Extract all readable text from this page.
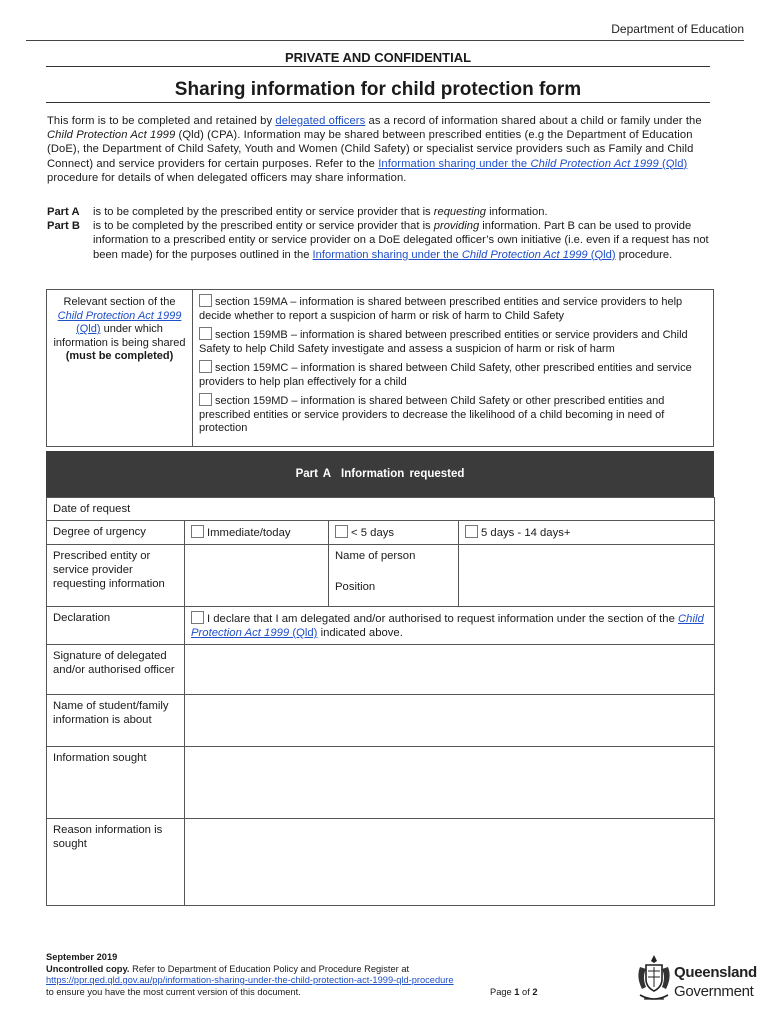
Department of Education
PRIVATE AND CONFIDENTIAL
Sharing information for child protection form
This form is to be completed and retained by delegated officers as a record of information shared about a child or family under the Child Protection Act 1999 (Qld) (CPA). Information may be shared between prescribed entities (e.g the Department of Education (DoE), the Department of Child Safety, Youth and Women (Child Safety) or specialist service providers such as Family and Child Connect) and service providers for certain purposes. Refer to the Information sharing under the Child Protection Act 1999 (Qld) procedure for details of when delegated officers may share information.
Part A	is to be completed by the prescribed entity or service provider that is requesting information.
Part B	is to be completed by the prescribed entity or service provider that is providing information. Part B can be used to provide information to a prescribed entity or service provider on a DoE delegated officer’s own initiative (i.e. even if a request has not been made) for the purposes outlined in the Information sharing under the Child Protection Act 1999 (Qld) procedure.
Relevant section of the Child Protection Act 1999 (Qld) under which information is being shared (must be completed)	
section 159MA – information is shared between prescribed entities and service providers to help decide whether to report a suspicion of harm or risk of harm to Child Safety
section 159MB – information is shared between prescribed entities or service providers and Child Safety to help Child Safety investigate and assess a suspicion of harm or risk of harm
section 159MC – information is shared between Child Safety, other prescribed entities and service providers to help plan effectively for a child
section 159MD – information is shared between Child Safety or other prescribed entities and prescribed entities or service providers to decrease the likelihood of a child becoming in need of protection
Part A Information requested
Date of request			
Degree of urgency	Immediate/today	< 5 days	5 days - 14 days+
Prescribed entity or service provider requesting information		Name of person
Position	

Declaration	I declare that I am delegated and/or authorised to request information under the section of the Child Protection Act 1999 (Qld) indicated above.		
Signature of delegated and/or authorised officer			
Name of student/family information is about			
Information sought			
Reason information is sought			
September 2019
Uncontrolled copy. Refer to Department of Education Policy and Procedure Register at
https://ppr.qed.qld.gov.au/pp/information-sharing-under-the-child-protection-act-1999-qld-procedure
to ensure you have the most current version of this document.	Page 1 of 2
Queensland
Government
